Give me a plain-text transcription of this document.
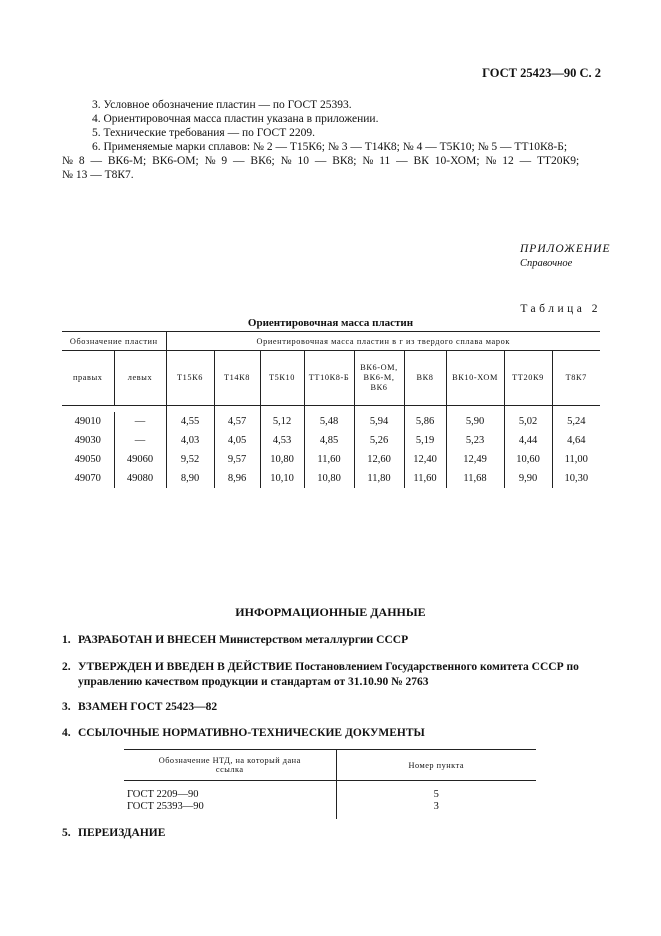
ГОСТ 25423—90 С. 2
3. Условное обозначение пластин — по ГОСТ 25393.
4. Ориентировочная масса пластин указана в приложении.
5. Технические требования — по ГОСТ 2209.
6. Применяемые марки сплавов: № 2 — Т15К6; № 3 — Т14К8; № 4 — Т5К10; № 5 — ТТ10К8-Б;
№ 8 — ВК6-М; ВК6-ОМ; № 9 — ВК6; № 10 — ВК8; № 11 — ВК 10-ХОМ; № 12 — ТТ20К9;
№ 13 — Т8К7.
ПРИЛОЖЕНИЕ
Справочное
Таблица 2
Ориентировочная масса пластин
Обозначение пластин		Ориентировочная масса пластин в г из твердого сплава марок								
правых	левых	Т15К6	Т14К8	Т5К10	ТТ10К8-Б	ВК6-ОМ, ВК6-М, ВК6	ВК8	ВК10-ХОМ	ТТ20К9	Т8К7

49010	—	4,55	4,57	5,12	5,48	5,94	5,86	5,90	5,02	5,24
49030	—	4,03	4,05	4,53	4,85	5,26	5,19	5,23	4,44	4,64
49050	49060	9,52	9,57	10,80	11,60	12,60	12,40	12,49	10,60	11,00
49070	49080	8,90	8,96	10,10	10,80	11,80	11,60	11,68	9,90	10,30
ИНФОРМАЦИОННЫЕ ДАННЫЕ
1. РАЗРАБОТАН И ВНЕСЕН Министерством металлургии СССР
2. УТВЕРЖДЕН И ВВЕДЕН В ДЕЙСТВИЕ Постановлением Государственного комитета СССР по управлению качеством продукции и стандартам от 31.10.90 № 2763
3. ВЗАМЕН ГОСТ 25423—82
4. ССЫЛОЧНЫЕ НОРМАТИВНО-ТЕХНИЧЕСКИЕ ДОКУМЕНТЫ
Обозначение НТД, на который дана ссылка	Номер пункта

ГОСТ 2209—90	5
ГОСТ 25393—90	3

5. ПЕРЕИЗДАНИЕ
